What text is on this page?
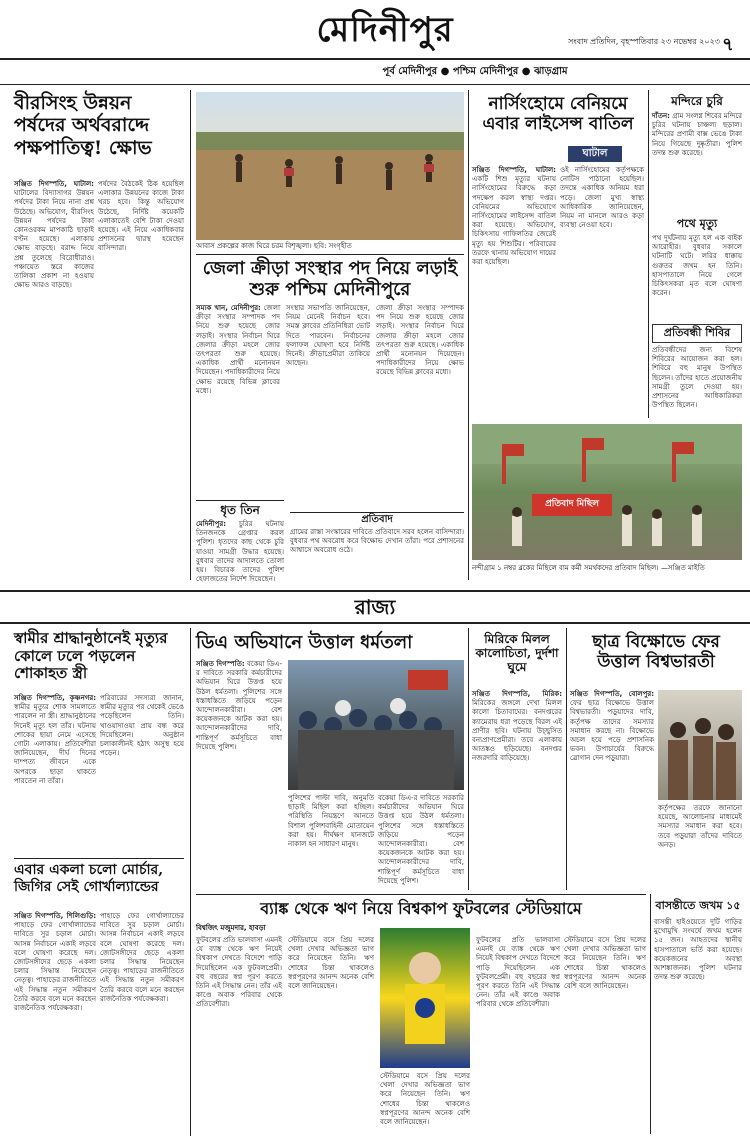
মেদিনীপুর	সংবাদ প্রতিদিন, বৃহস্পতিবার ২৩ নভেম্বর ২০২৩ ৭
পূর্ব মেদিনীপুর ● পশ্চিম মেদিনীপুর ● ঝাড়গ্রাম
বীরসিংহ উন্নয়ন পর্ষদের অর্থবরাদ্দে পক্ষপাতিত্ব! ক্ষোভ
সঞ্জিত দিগস্পতি, ঘাটাল: ঘাটালের বিদ্যাসাগর উন্নয়ন পর্ষদের টাকা নিয়ে নানা প্রশ্ন উঠেছে। অভিযোগ, বীরসিংহ উন্নয়ন পর্ষদের টাকা কোনওরকম মাপকাঠি ছাড়াই বণ্টন হয়েছে। এলাকায় ক্ষোভ বাড়ছে। বরাদ্দ নিয়ে প্রশ্ন তুলেছে বিরোধীরাও। পঞ্চায়েত স্তরে কাজের তালিকা প্রকাশ না হওয়ায় ক্ষোভ আরও বাড়ছে।
পর্ষদের বৈঠকেই ঠিক হয়েছিল এলাকার উন্নয়নের কাজে টাকা খরচ হবে। কিন্তু অভিযোগ উঠেছে, নির্দিষ্ট কয়েকটি এলাকাতেই বেশি টাকা দেওয়া হয়েছে। এই নিয়ে একাধিকবার প্রশাসনের দ্বারস্থ হয়েছেন বাসিন্দারা।	আবাস প্রকল্পের কাজ ঘিরে চরম বিশৃঙ্খলা। ছবি: সংগৃহীত
জেলা ক্রীড়া সংস্থার পদ নিয়ে লড়াই শুরু পশ্চিম মেদিনীপুরে
সম্যক খান, মেদিনীপুর: জেলা ক্রীড়া সংস্থার সম্পাদক পদ নিয়ে শুরু হয়েছে জোর লড়াই। সংস্থার নির্বাচন ঘিরে জেলার ক্রীড়া মহলে জোর তৎপরতা শুরু হয়েছে। একাধিক প্রার্থী মনোনয়ন দিয়েছেন। পদাধিকারীদের নিয়ে ক্ষোভ রয়েছে বিভিন্ন ক্লাবের মধ্যে।
সংস্থার সভাপতি জানিয়েছেন, নিয়ম মেনেই নির্বাচন হবে। সমস্ত ক্লাবের প্রতিনিধিরা ভোট দিতে পারবেন। নির্বাচনের ফলাফল ঘোষণা হবে নির্দিষ্ট দিনেই। ক্রীড়াপ্রেমীরা তাকিয়ে আছেন।
জেলা ক্রীড়া সংস্থার সম্পাদক পদ নিয়ে শুরু হয়েছে জোর লড়াই। সংস্থার নির্বাচন ঘিরে জেলার ক্রীড়া মহলে জোর তৎপরতা শুরু হয়েছে। একাধিক প্রার্থী মনোনয়ন দিয়েছেন। পদাধিকারীদের নিয়ে ক্ষোভ রয়েছে বিভিন্ন ক্লাবের মধ্যে।
ধৃত তিন
মেদিনীপুর: চুরির ঘটনায় তিনজনকে গ্রেপ্তার করল পুলিশ। ধৃতদের কাছ থেকে চুরি যাওয়া সামগ্রী উদ্ধার হয়েছে। বুধবার তাদের আদালতে তোলা হয়। বিচারক তাদের পুলিশ হেফাজতের নির্দেশ দিয়েছেন।
প্রতিবাদ
গ্রামের রাস্তা সংস্কারের দাবিতে প্রতিবাদে সরব হলেন বাসিন্দারা। বুধবার পথ অবরোধ করে বিক্ষোভ দেখান তাঁরা। পরে প্রশাসনের আশ্বাসে অবরোধ ওঠে।
নার্সিংহোমে বেনিয়মে এবার লাইসেন্স বাতিল
ঘাটাল
সঞ্জিত দিগস্পতি, ঘাটাল: একটি শিশু মৃত্যুর ঘটনায় নার্সিংহোমের বিরুদ্ধে কড়া পদক্ষেপ করল স্বাস্থ্য দপ্তর। বেনিয়মের অভিযোগে নার্সিংহোমের লাইসেন্স বাতিল করা হয়েছে। অভিযোগ, চিকিৎসায় গাফিলতির জেরেই মৃত্যু হয় শিশুটির। পরিবারের তরফে থানায় অভিযোগ দায়ের করা হয়েছিল।
ওই নার্সিংহোমের কর্তৃপক্ষকে নোটিস পাঠানো হয়েছিল। তদন্তে একাধিক অনিয়ম ধরা পড়ে। জেলা মুখ্য স্বাস্থ্য আধিকারিক জানিয়েছেন, নিয়ম না মানলে আরও কড়া ব্যবস্থা নেওয়া হবে।
মন্দিরে চুরি
দাঁতন: গ্রাম সংলগ্ন শিবের মন্দিরে চুরির ঘটনায় চাঞ্চল্য ছড়াল। মন্দিরের প্রণামী বাক্স ভেঙে টাকা নিয়ে গিয়েছে দুষ্কৃতীরা। পুলিশ তদন্ত শুরু করেছে।
পথে মৃত্যু
পথ দুর্ঘটনায় মৃত্যু হল এক বাইক আরোহীর। বুধবার সকালে ঘটনাটি ঘটে। লরির ধাক্কায় গুরুতর জখম হন তিনি। হাসপাতালে নিয়ে গেলে চিকিৎসকরা মৃত বলে ঘোষণা করেন।
প্রতিবন্ধী শিবির
প্রতিবন্ধীদের জন্য বিশেষ শিবিরের আয়োজন করা হল। শিবিরে বহু মানুষ উপস্থিত ছিলেন। তাঁদের হাতে প্রয়োজনীয় সামগ্রী তুলে দেওয়া হয়। প্রশাসনের আধিকারিকরা উপস্থিত ছিলেন।
প্রতিবাদ মিছিল
নন্দীগ্রাম ১ নম্বর ব্লকের মিছিলে বাম কর্মী সমর্থকদের প্রতিবাদ মিছিল। —সঞ্জিত মাইতি
রাজ্য
স্বামীর শ্রাদ্ধানুষ্ঠানেই মৃত্যুর কোলে ঢলে পড়লেন শোকাহত স্ত্রী
সঞ্জিত দিগস্পতি, কৃষ্ণনগর: স্বামীর মৃত্যুর শোক সামলাতে পারলেন না স্ত্রী। শ্রাদ্ধানুষ্ঠানের দিনেই মৃত্যু হল তাঁর। ঘটনায় শোকের ছায়া নেমে এসেছে গোটা এলাকায়। প্রতিবেশীরা জানিয়েছেন, দীর্ঘ দিনের দাম্পত্য জীবনে একে অপরকে ছাড়া থাকতে পারতেন না তাঁরা।
পরিবারের সদস্যরা জানান, স্বামীর মৃত্যুর পর থেকেই ভেঙে পড়েছিলেন তিনি। খাওয়াদাওয়া প্রায় বন্ধ করে দিয়েছিলেন। অনুষ্ঠান চলাকালীনই হঠাৎ অসুস্থ হয়ে পড়েন।
এবার একলা চলো মোর্চার, জিগির সেই গোর্খাল্যান্ডের
সঞ্জিত দিগস্পতি, শিলিগুড়ি: পাহাড়ে ফের গোর্খাল্যান্ডের দাবিতে সুর চড়াল মোর্চা। আসন্ন নির্বাচনে একাই লড়বে বলে ঘোষণা করেছে দল। জোটসঙ্গীদের ছেড়ে একলা চলার সিদ্ধান্ত নিয়েছেন নেতৃত্ব। পাহাড়ের রাজনীতিতে এই সিদ্ধান্ত নতুন সমীকরণ তৈরি করবে বলে মনে করছেন রাজনৈতিক পর্যবেক্ষকরা।
পাহাড়ে ফের গোর্খাল্যান্ডের দাবিতে সুর চড়াল মোর্চা। আসন্ন নির্বাচনে একাই লড়বে বলে ঘোষণা করেছে দল। জোটসঙ্গীদের ছেড়ে একলা চলার সিদ্ধান্ত নিয়েছেন নেতৃত্ব। পাহাড়ের রাজনীতিতে এই সিদ্ধান্ত নতুন সমীকরণ তৈরি করবে বলে মনে করছেন রাজনৈতিক পর্যবেক্ষকরা।
ডিএ অভিযানে উত্তাল ধর্মতলা
সঞ্জিত দিগস্পতি: বকেয়া ডিএ-র দাবিতে সরকারি কর্মচারীদের অভিযান ঘিরে উত্তপ্ত হয়ে উঠল ধর্মতলা। পুলিশের সঙ্গে ধস্তাধস্তিতে জড়িয়ে পড়েন আন্দোলনকারীরা। বেশ কয়েকজনকে আটক করা হয়। আন্দোলনকারীদের দাবি, শান্তিপূর্ণ কর্মসূচিতে বাধা দিয়েছে পুলিশ।
পুলিশের পাল্টা দাবি, অনুমতি ছাড়াই মিছিল করা হচ্ছিল। পরিস্থিতি নিয়ন্ত্রণে আনতে বিশাল পুলিশবাহিনী মোতায়েন করা হয়। দীর্ঘক্ষণ যানজটে নাকাল হন সাধারণ মানুষ।
বকেয়া ডিএ-র দাবিতে সরকারি কর্মচারীদের অভিযান ঘিরে উত্তপ্ত হয়ে উঠল ধর্মতলা। পুলিশের সঙ্গে ধস্তাধস্তিতে জড়িয়ে পড়েন আন্দোলনকারীরা। বেশ কয়েকজনকে আটক করা হয়। আন্দোলনকারীদের দাবি, শান্তিপূর্ণ কর্মসূচিতে বাধা দিয়েছে পুলিশ।
মিরিকে মিলল কালোচিতা, দুর্দশা ঘুমে
সঞ্জিত দিগস্পতি, মিরিক: মিরিকের জঙ্গলে দেখা মিলল কালো চিতাবাঘের। বনদপ্তরের ক্যামেরায় ধরা পড়েছে বিরল এই প্রাণীর ছবি। ঘটনায় উচ্ছ্বসিত বন্যপ্রাণপ্রেমীরা। তবে এলাকায় আতঙ্কও ছড়িয়েছে। বনদপ্তর নজরদারি বাড়িয়েছে।
ছাত্র বিক্ষোভে ফের উত্তাল বিশ্বভারতী
সঞ্জিত দিগস্পতি, বোলপুর: ফের ছাত্র বিক্ষোভে উত্তাল বিশ্বভারতী। পড়ুয়াদের দাবি, কর্তৃপক্ষ তাদের সমস্যার সমাধান করছে না। বিক্ষোভে অচল হয়ে পড়ে প্রশাসনিক ভবন। উপাচার্যের বিরুদ্ধে স্লোগান দেন পড়ুয়ারা।
কর্তৃপক্ষের তরফে জানানো হয়েছে, আলোচনার মাধ্যমেই সমস্যার সমাধান করা হবে। তবে পড়ুয়ারা তাঁদের দাবিতে অনড়।
ব্যাঙ্ক থেকে ঋণ নিয়ে বিশ্বকাপ ফুটবলের স্টেডিয়ামে
বিশ্বজিৎ মজুমদার, হাবড়া
ফুটবলের প্রতি ভালবাসা এমনই যে ব্যাঙ্ক থেকে ঋণ নিয়েই বিশ্বকাপ দেখতে বিদেশে পাড়ি দিয়েছিলেন এক ফুটবলপ্রেমী। বহু বছরের স্বপ্ন পূরণ করতে তিনি এই সিদ্ধান্ত নেন। তাঁর এই কাণ্ডে অবাক পরিবার থেকে প্রতিবেশীরা।
স্টেডিয়ামে বসে প্রিয় দলের খেলা দেখার অভিজ্ঞতা ভাগ করে নিয়েছেন তিনি। ঋণ শোধের চিন্তা থাকলেও স্বপ্নপূরণের আনন্দ অনেক বেশি বলে জানিয়েছেন।
স্টেডিয়ামে বসে প্রিয় দলের খেলা দেখার অভিজ্ঞতা ভাগ করে নিয়েছেন তিনি। ঋণ শোধের চিন্তা থাকলেও স্বপ্নপূরণের আনন্দ অনেক বেশি বলে জানিয়েছেন।
ফুটবলের প্রতি ভালবাসা এমনই যে ব্যাঙ্ক থেকে ঋণ নিয়েই বিশ্বকাপ দেখতে বিদেশে পাড়ি দিয়েছিলেন এক ফুটবলপ্রেমী। বহু বছরের স্বপ্ন পূরণ করতে তিনি এই সিদ্ধান্ত নেন। তাঁর এই কাণ্ডে অবাক পরিবার থেকে প্রতিবেশীরা।
স্টেডিয়ামে বসে প্রিয় দলের খেলা দেখার অভিজ্ঞতা ভাগ করে নিয়েছেন তিনি। ঋণ শোধের চিন্তা থাকলেও স্বপ্নপূরণের আনন্দ অনেক বেশি বলে জানিয়েছেন।
বাসন্তীতে জখম ১৫
বাসন্তী হাইওয়েতে দুটি গাড়ির মুখোমুখি সংঘর্ষে জখম হলেন ১৫ জন। আহতদের স্থানীয় হাসপাতালে ভর্তি করা হয়েছে। কয়েকজনের অবস্থা আশঙ্কাজনক। পুলিশ ঘটনার তদন্ত শুরু করেছে।
